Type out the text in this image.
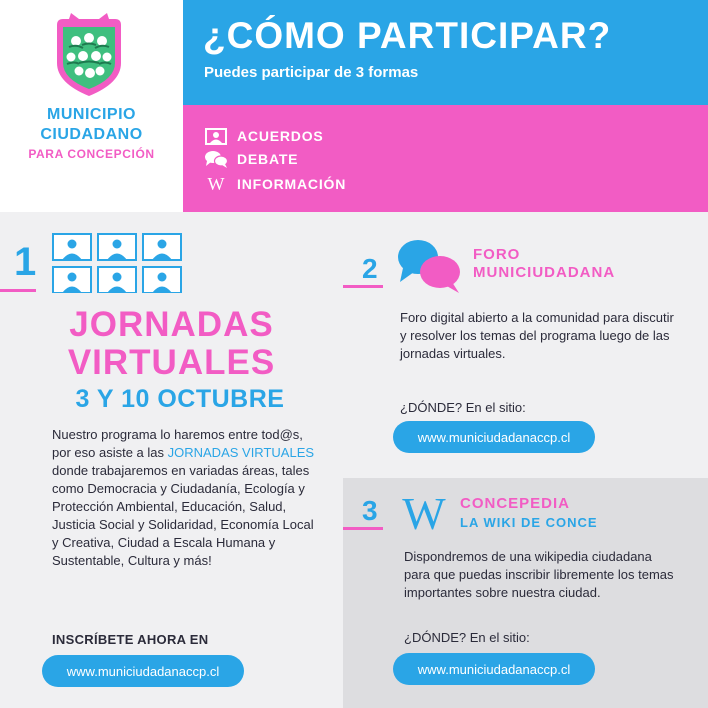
MUNICIPIO
CIUDADANO
PARA CONCEPCIÓN
¿CÓMO PARTICIPAR?
Puedes participar de 3 formas
ACUERDOS
DEBATE
W INFORMACIÓN
1
JORNADAS
VIRTUALES
3 Y 10 OCTUBRE
Nuestro programa lo haremos entre tod@s, por eso asiste a las JORNADAS VIRTUALES donde trabajaremos en variadas áreas, tales como Democracia y Ciudadanía, Ecología y Protección Ambiental, Educación, Salud, Justicia Social y Solidaridad, Economía Local y Creativa, Ciudad a Escala Humana y Sustentable, Cultura y más!
INSCRÍBETE AHORA EN
www.municiudadanaccp.cl
2	FORO
MUNICIUDADANA
Foro digital abierto a la comunidad para discutir y resolver los temas del programa luego de las jornadas virtuales.
¿DÓNDE? En el sitio:
www.municiudadanaccp.cl
3 W CONCEPEDIA
LA WIKI DE CONCE
Dispondremos de una wikipedia ciudadana para que puedas inscribir libremente los temas importantes sobre nuestra ciudad.
¿DÓNDE? En el sitio:
www.municiudadanaccp.cl
